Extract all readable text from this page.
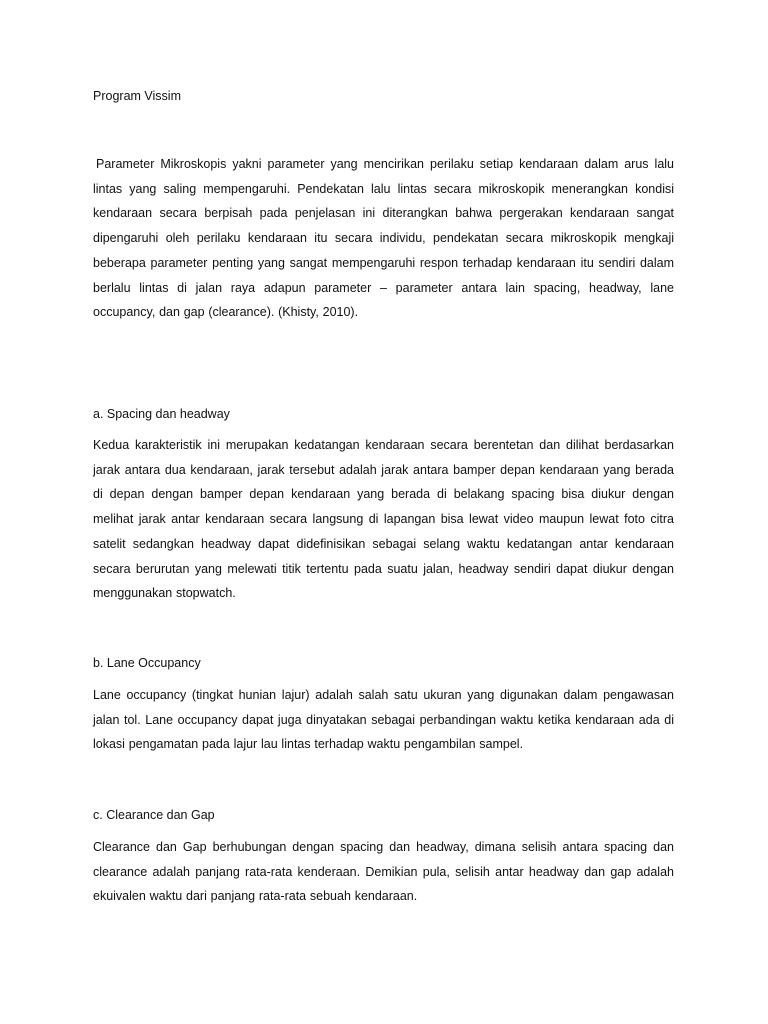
Program Vissim

Parameter Mikroskopis yakni parameter yang mencirikan perilaku setiap kendaraan dalam arus lalu lintas yang saling mempengaruhi. Pendekatan lalu lintas secara mikroskopik menerangkan kondisi kendaraan secara berpisah pada penjelasan ini diterangkan bahwa pergerakan kendaraan sangat dipengaruhi oleh perilaku kendaraan itu secara individu, pendekatan secara mikroskopik mengkaji beberapa parameter penting yang sangat mempengaruhi respon terhadap kendaraan itu sendiri dalam berlalu lintas di jalan raya adapun parameter – parameter antara lain spacing, headway, lane occupancy, dan gap (clearance). (Khisty, 2010).

a. Spacing dan headway

Kedua karakteristik ini merupakan kedatangan kendaraan secara berentetan dan dilihat berdasarkan jarak antara dua kendaraan, jarak tersebut adalah jarak antara bamper depan kendaraan yang berada di depan dengan bamper depan kendaraan yang berada di belakang spacing bisa diukur dengan melihat jarak antar kendaraan secara langsung di lapangan bisa lewat video maupun lewat foto citra satelit sedangkan headway dapat didefinisikan sebagai selang waktu kedatangan antar kendaraan secara berurutan yang melewati titik tertentu pada suatu jalan, headway sendiri dapat diukur dengan menggunakan stopwatch.

b. Lane Occupancy

Lane occupancy (tingkat hunian lajur) adalah salah satu ukuran yang digunakan dalam pengawasan jalan tol. Lane occupancy dapat juga dinyatakan sebagai perbandingan waktu ketika kendaraan ada di lokasi pengamatan pada lajur lau lintas terhadap waktu pengambilan sampel.

c. Clearance dan Gap

Clearance dan Gap berhubungan dengan spacing dan headway, dimana selisih antara spacing dan clearance adalah panjang rata-rata kenderaan. Demikian pula, selisih antar headway dan gap adalah ekuivalen waktu dari panjang rata-rata sebuah kendaraan.
